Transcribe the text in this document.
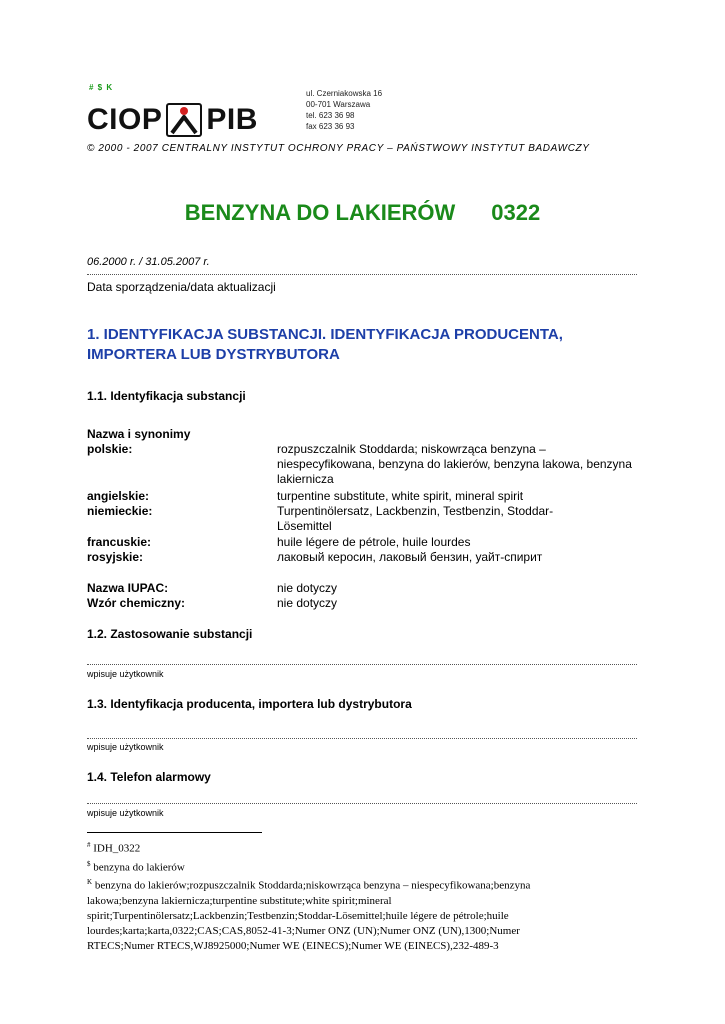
# $ K
CIOP PIB
ul. Czerniakowska 16
00-701 Warszawa
tel. 623 36 98
fax 623 36 93
© 2000 - 2007 CENTRALNY INSTYTUT OCHRONY PRACY – PAŃSTWOWY INSTYTUT BADAWCZY
BENZYNA DO LAKIERÓW 0322
06.2000 r. / 31.05.2007 r.
Data sporządzenia/data aktualizacji
1. IDENTYFIKACJA SUBSTANCJI. IDENTYFIKACJA PRODUCENTA, IMPORTERA LUB DYSTRYBUTORA
1.1. Identyfikacja substancji
Nazwa i synonimy
polskie:	rozpuszczalnik Stoddarda; niskowrząca benzyna – niespecyfikowana, benzyna do lakierów, benzyna lakowa, benzyna lakiernicza
angielskie:	turpentine substitute, white spirit, mineral spirit
niemieckie:	Turpentinölersatz, Lackbenzin, Testbenzin, Stoddar-Lösemittel
francuskie:	huile légere de pétrole, huile lourdes
rosyjskie:	лаковый керосин, лаковый бензин, уайт-спирит
Nazwa IUPAC:	nie dotyczy
Wzór chemiczny:	nie dotyczy
1.2. Zastosowanie substancji
wpisuje użytkownik
1.3. Identyfikacja producenta, importera lub dystrybutora
wpisuje użytkownik
1.4. Telefon alarmowy
wpisuje użytkownik
# IDH_0322
$ benzyna do lakierów
$^K$ benzyna do lakierów;rozpuszczalnik Stoddarda;niskowrząca benzyna – niespecyfikowana;benzyna lakowa;benzyna lakiernicza;turpentine substitute;white spirit;mineral spirit;Turpentinölersatz;Lackbenzin;Testbenzin;Stoddar-Lösemittel;huile légere de pétrole;huile lourdes;karta;karta,0322;CAS;CAS,8052-41-3;Numer ONZ (UN);Numer ONZ (UN),1300;Numer RTECS;Numer RTECS,WJ8925000;Numer WE (EINECS);Numer WE (EINECS),232-489-3
